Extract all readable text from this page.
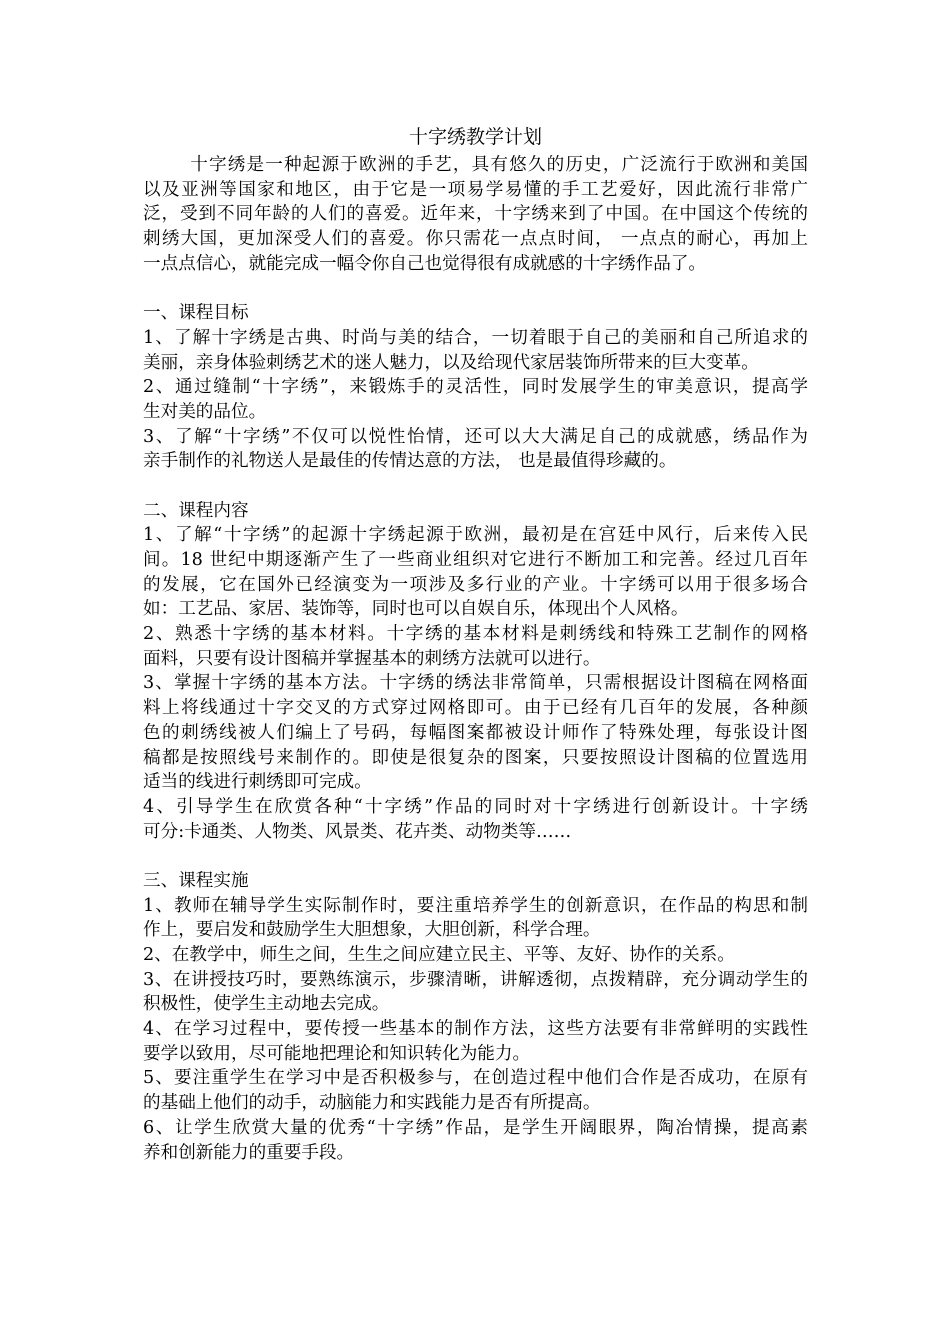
十字绣教学计划
十字绣是一种起源于欧洲的手艺，具有悠久的历史，广泛流行于欧洲和美国
以及亚洲等国家和地区，由于它是一项易学易懂的手工艺爱好，因此流行非常广
泛，受到不同年龄的人们的喜爱。近年来，十字绣来到了中国。在中国这个传统的
刺绣大国，更加深受人们的喜爱。你只需花一点点时间， 一点点的耐心，再加上
一点点信心，就能完成一幅令你自己也觉得很有成就感的十字绣作品了。
一、课程目标
1、了解十字绣是古典、时尚与美的结合，一切着眼于自己的美丽和自己所追求的
美丽，亲身体验刺绣艺术的迷人魅力，以及给现代家居装饰所带来的巨大变革。
2、通过缝制“十字绣”，来锻炼手的灵活性，同时发展学生的审美意识，提高学
生对美的品位。
3、了解“十字绣”不仅可以悦性怡情，还可以大大满足自己的成就感，绣品作为
亲手制作的礼物送人是最佳的传情达意的方法， 也是最值得珍藏的。
二、课程内容
1、了解“十字绣”的起源十字绣起源于欧洲，最初是在宫廷中风行，后来传入民
间。18 世纪中期逐渐产生了一些商业组织对它进行不断加工和完善。经过几百年
的发展，它在国外已经演变为一项涉及多行业的产业。十字绣可以用于很多场合
如：工艺品、家居、装饰等，同时也可以自娱自乐，体现出个人风格。
2、熟悉十字绣的基本材料。十字绣的基本材料是刺绣线和特殊工艺制作的网格
面料，只要有设计图稿并掌握基本的刺绣方法就可以进行。
3、掌握十字绣的基本方法。十字绣的绣法非常简单，只需根据设计图稿在网格面
料上将线通过十字交叉的方式穿过网格即可。由于已经有几百年的发展，各种颜
色的刺绣线被人们编上了号码，每幅图案都被设计师作了特殊处理，每张设计图
稿都是按照线号来制作的。即使是很复杂的图案，只要按照设计图稿的位置选用
适当的线进行刺绣即可完成。
4、引导学生在欣赏各种“十字绣”作品的同时对十字绣进行创新设计。十字绣
可分:卡通类、人物类、风景类、花卉类、动物类等……
三、课程实施
1、教师在辅导学生实际制作时，要注重培养学生的创新意识，在作品的构思和制
作上，要启发和鼓励学生大胆想象，大胆创新，科学合理。
2、在教学中，师生之间，生生之间应建立民主、平等、友好、协作的关系。
3、在讲授技巧时，要熟练演示，步骤清晰，讲解透彻，点拨精辟，充分调动学生的
积极性，使学生主动地去完成。
4、在学习过程中，要传授一些基本的制作方法，这些方法要有非常鲜明的实践性
要学以致用，尽可能地把理论和知识转化为能力。
5、要注重学生在学习中是否积极参与，在创造过程中他们合作是否成功，在原有
的基础上他们的动手，动脑能力和实践能力是否有所提高。
6、让学生欣赏大量的优秀“十字绣”作品，是学生开阔眼界，陶冶情操，提高素
养和创新能力的重要手段。
